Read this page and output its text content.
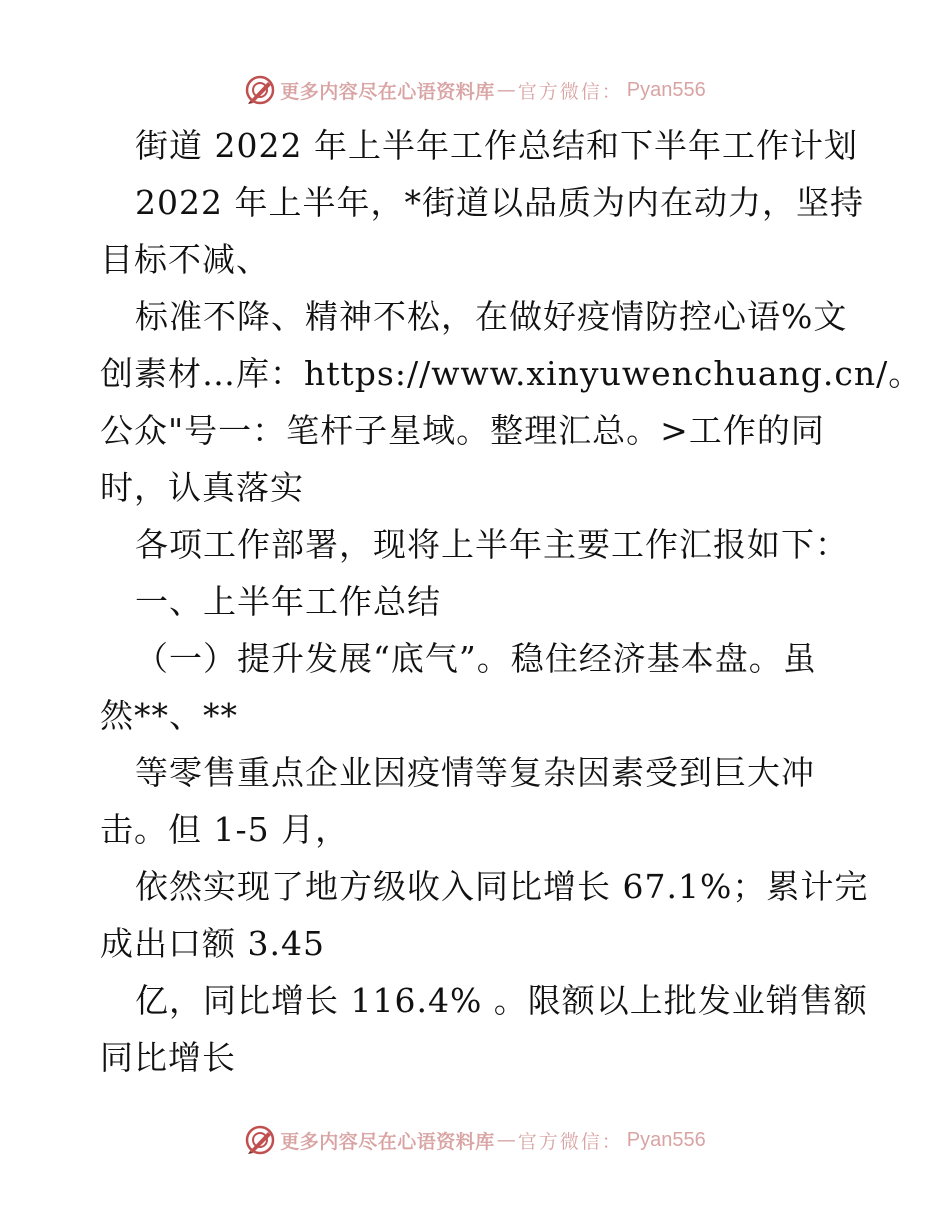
更多内容尽在心语资料库 — 官方微信： Pyan556
街道 2022 年上半年工作总结和下半年工作计划
2022 年上半年，*街道以品质为内在动力，坚持
目标不减、
标准不降、精神不松，在做好疫情防控心语%文
创素材…库：https://www.xinyuwenchuang.cn/。
公众"号一：笔杆子星域。整理汇总。>工作的同
时，认真落实
各项工作部署，现将上半年主要工作汇报如下：
一、上半年工作总结
（一）提升发展“底气”。稳住经济基本盘。虽
然**、**
等零售重点企业因疫情等复杂因素受到巨大冲
击。但 1-5 月，
依然实现了地方级收入同比增长 67.1%；累计完
成出口额 3.45
亿，同比增长 116.4% 。限额以上批发业销售额
同比增长
更多内容尽在心语资料库 — 官方微信： Pyan556
